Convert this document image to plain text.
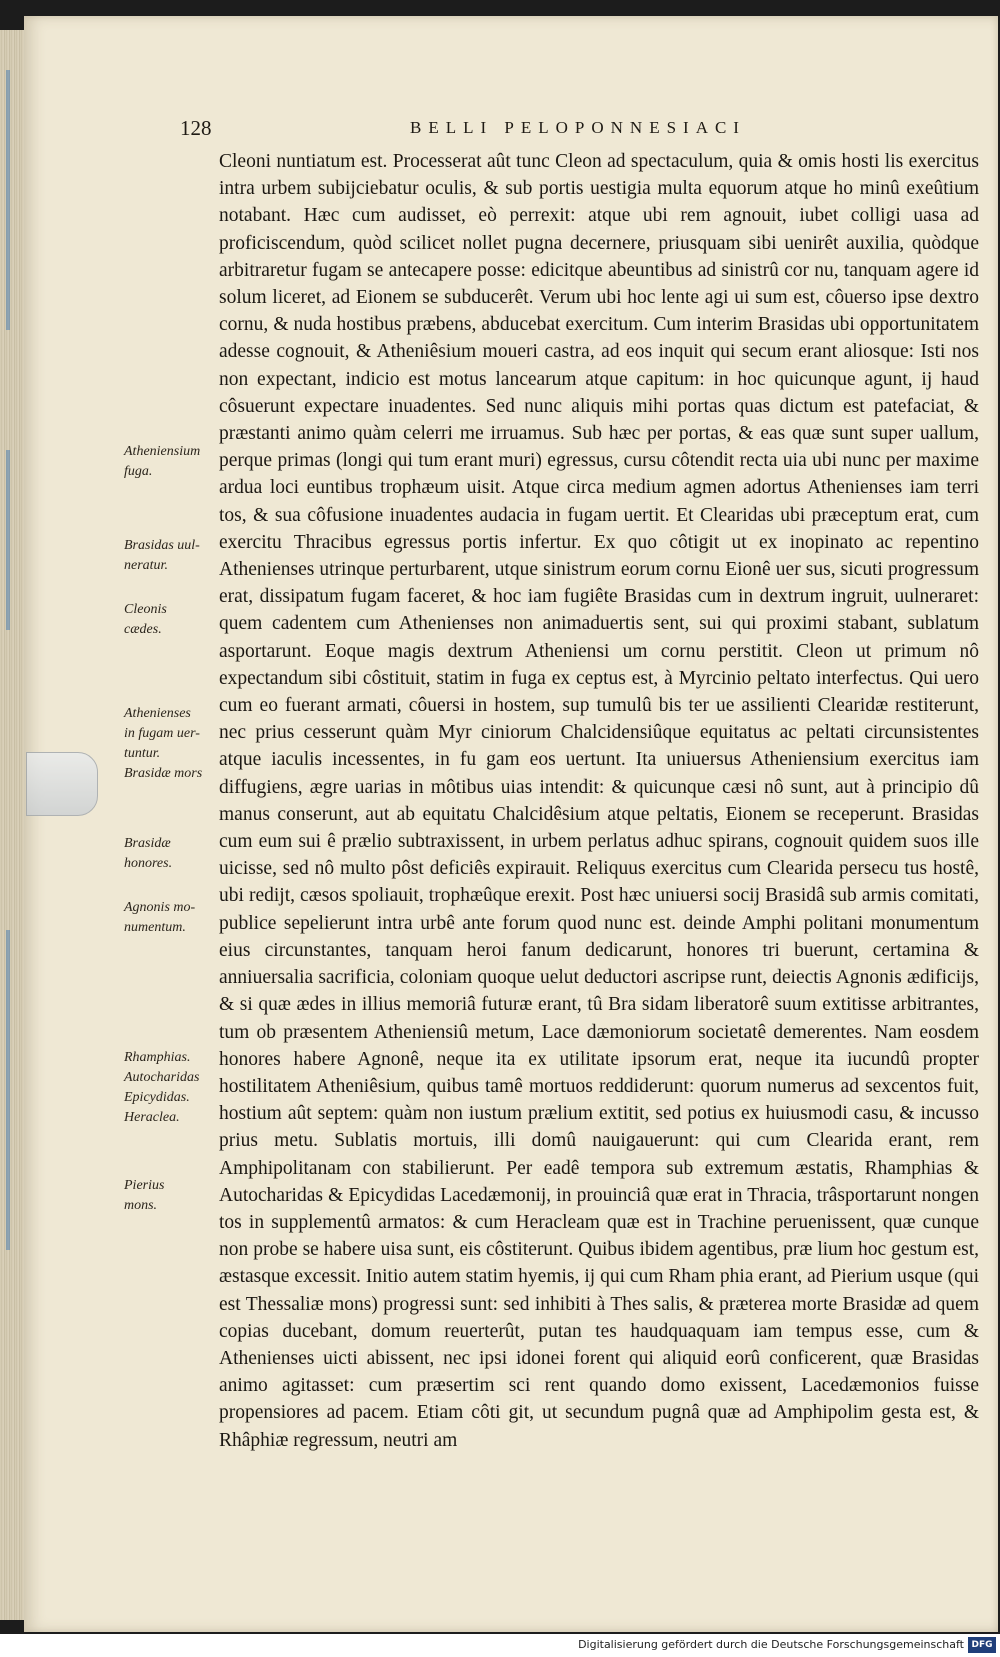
128	BELLI PELOPONNESIACI

Cleoni nuntiatum est. Processerat aût tunc Cleon ad spectaculum, quia & omis hosti lis exercitus intra urbem subijciebatur oculis, & sub portis uestigia multa equorum atque ho minû exeûtium notabant. Hæc cum audisset, eò perrexit: atque ubi rem agnouit, iubet colligi uasa ad proficiscendum, quòd scilicet nollet pugna decernere, priusquam sibi uenirêt auxilia, quòdque arbitraretur fugam se antecapere posse: edicitque abeuntibus ad sinistrû cor nu, tanquam agere id solum liceret, ad Eionem se subducerêt. Verum ubi hoc lente agi ui sum est, côuerso ipse dextro cornu, & nuda hostibus præbens, abducebat exercitum. Cum interim Brasidas ubi opportunitatem adesse cognouit, & Atheniêsium moueri castra, ad eos inquit qui secum erant aliosque: Isti nos non expectant, indicio est motus lancearum atque capitum: in hoc quicunque agunt, ij haud côsuerunt expectare inuadentes. Sed nunc aliquis mihi portas quas dictum est patefaciat, & præstanti animo quàm celerri me irruamus. Sub hæc per portas, & eas quæ sunt super uallum, perque primas (longi qui tum erant muri) egressus, cursu côtendit recta uia ubi nunc per maxime ardua loci euntibus trophæum uisit. Atque circa medium agmen adortus Athenienses iam terri tos, & sua côfusione inuadentes audacia in fugam uertit. Et Clearidas ubi præceptum erat, cum exercitu Thracibus egressus portis infertur. Ex quo côtigit ut ex inopinato ac repentino Athenienses utrinque perturbarent, utque sinistrum eorum cornu Eionê uer sus, sicuti progressum erat, dissipatum fugam faceret, & hoc iam fugiête Brasidas cum in dextrum ingruit, uulneraret: quem cadentem cum Athenienses non animaduertis sent, sui qui proximi stabant, sublatum asportarunt. Eoque magis dextrum Atheniensi um cornu perstitit. Cleon ut primum nô expectandum sibi côstituit, statim in fuga ex ceptus est, à Myrcinio peltato interfectus. Qui uero cum eo fuerant armati, côuersi in hostem, sup tumulû bis ter ue assilienti Clearidæ restiterunt, nec prius cesserunt quàm Myr ciniorum Chalcidensiûque equitatus ac peltati circunsistentes atque iaculis incessentes, in fu gam eos uertunt. Ita uniuersus Atheniensium exercitus iam diffugiens, ægre uarias in môtibus uias intendit: & quicunque cæsi nô sunt, aut à principio dû manus conserunt, aut ab equitatu Chalcidêsium atque peltatis, Eionem se receperunt. Brasidas cum eum sui ê prælio subtraxissent, in urbem perlatus adhuc spirans, cognouit quidem suos ille uicisse, sed nô multo pôst deficiês expirauit. Reliquus exercitus cum Clearida persecu tus hostê, ubi redijt, cæsos spoliauit, trophæûque erexit. Post hæc uniuersi socij Brasidâ sub armis comitati, publice sepelierunt intra urbê ante forum quod nunc est. deinde Amphi politani monumentum eius circunstantes, tanquam heroi fanum dedicarunt, honores tri buerunt, certamina & anniuersalia sacrificia, coloniam quoque uelut deductori ascripse runt, deiectis Agnonis ædificijs, & si quæ ædes in illius memoriâ futuræ erant, tû Bra sidam liberatorê suum extitisse arbitrantes, tum ob præsentem Atheniensiû metum, Lace dæmoniorum societatê demerentes. Nam eosdem honores habere Agnonê, neque ita ex utilitate ipsorum erat, neque ita iucundû propter hostilitatem Atheniêsium, quibus tamê mortuos reddiderunt: quorum numerus ad sexcentos fuit, hostium aût septem: quàm non iustum prælium extitit, sed potius ex huiusmodi casu, & incusso prius metu. Sublatis mortuis, illi domû nauigauerunt: qui cum Clearida erant, rem Amphipolitanam con stabilierunt. Per eadê tempora sub extremum æstatis, Rhamphias & Autocharidas & Epicydidas Lacedæmonij, in prouinciâ quæ erat in Thracia, trâsportarunt nongen tos in supplementû armatos: & cum Heracleam quæ est in Trachine peruenissent, quæ cunque non probe se habere uisa sunt, eis côstiterunt. Quibus ibidem agentibus, præ lium hoc gestum est, æstasque excessit. Initio autem statim hyemis, ij qui cum Rham phia erant, ad Pierium usque (qui est Thessaliæ mons) progressi sunt: sed inhibiti à Thes salis, & præterea morte Brasidæ ad quem copias ducebant, domum reuerterût, putan tes haudquaquam iam tempus esse, cum & Athenienses uicti abissent, nec ipsi idonei forent qui aliquid eorû conficerent, quæ Brasidas animo agitasset: cum præsertim sci rent quando domo exissent, Lacedæmonios fuisse propensiores ad pacem. Etiam côti git, ut secundum pugnâ quæ ad Amphipolim gesta est, & Rhâphiæ regressum, neutri am

Atheniensium
fuga.
Brasidas uul-
neratur.
Cleonis
cædes.
Athenienses
in fugam uer-
tuntur.
Brasidæ mors
Brasidæ
honores.
Agnonis mo-
numentum.
Rhamphias.
Autocharidas
Epicydidas.
Heraclea.
Pierius
mons.
Digitalisierung gefördert durch die Deutsche Forschungsgemeinschaft DFG
